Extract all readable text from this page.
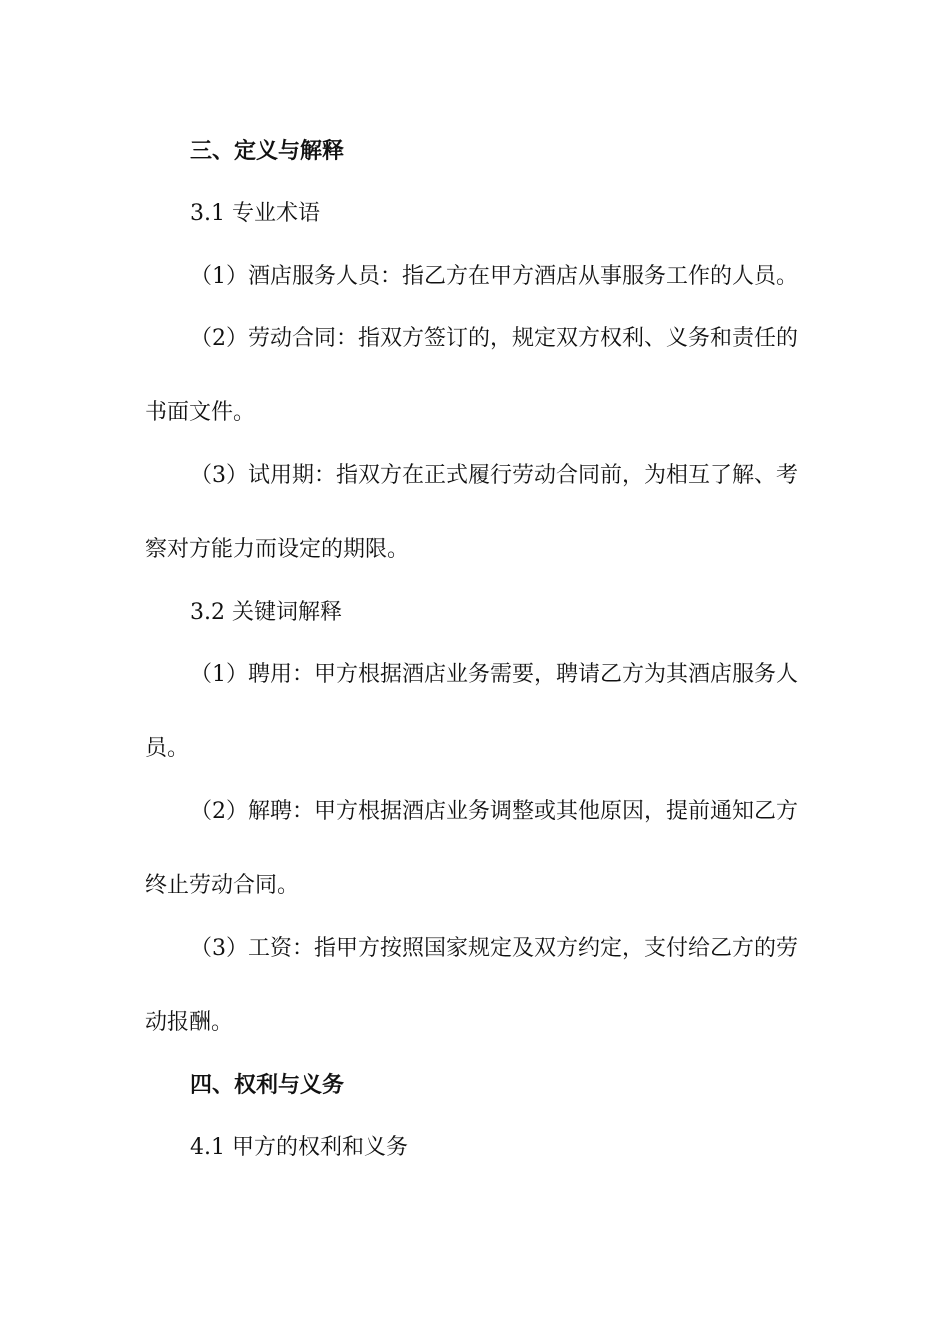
三、定义与解释
3.1 专业术语
（1）酒店服务人员：指乙方在甲方酒店从事服务工作的人员。
（2）劳动合同：指双方签订的，规定双方权利、义务和责任的
书面文件。
（3）试用期：指双方在正式履行劳动合同前，为相互了解、考
察对方能力而设定的期限。
3.2 关键词解释
（1）聘用：甲方根据酒店业务需要，聘请乙方为其酒店服务人
员。
（2）解聘：甲方根据酒店业务调整或其他原因，提前通知乙方
终止劳动合同。
（3）工资：指甲方按照国家规定及双方约定，支付给乙方的劳
动报酬。
四、权利与义务
4.1 甲方的权利和义务
